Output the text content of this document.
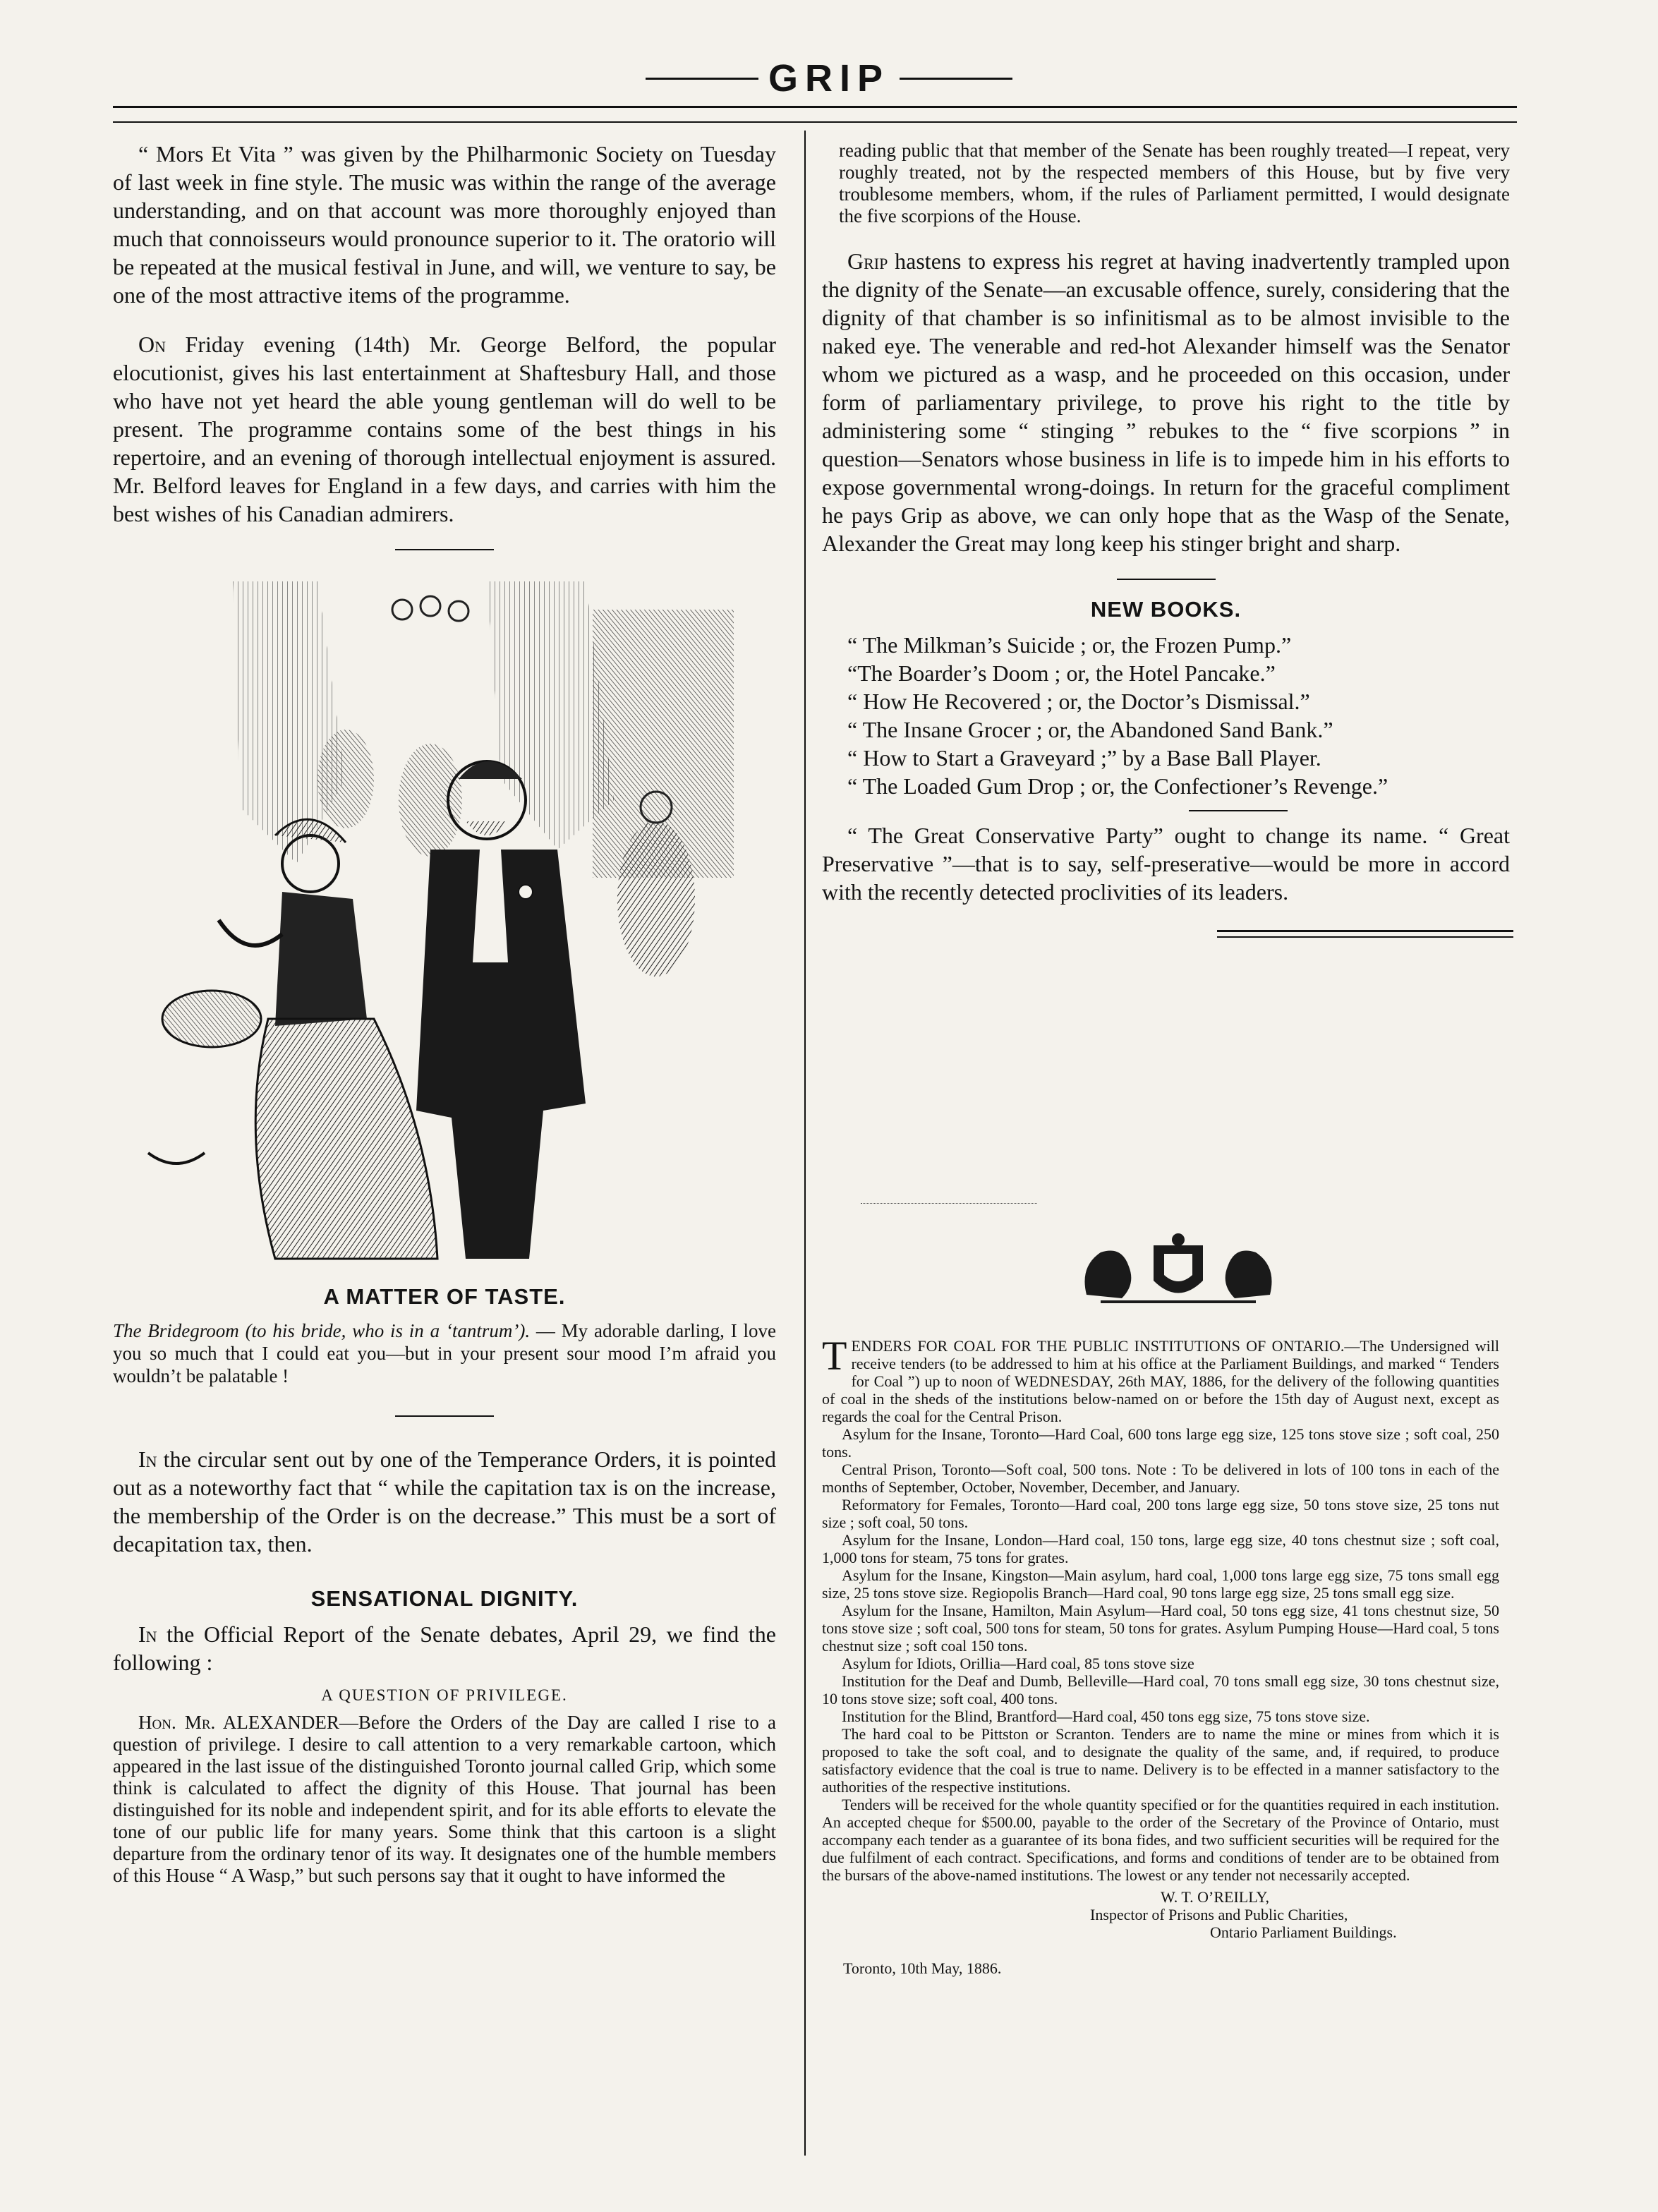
GRIP

“ Mors Et Vita ” was given by the Philharmonic Society on Tuesday of last week in fine style. The music was within the range of the average understanding, and on that account was more thoroughly enjoyed than much that connoisseurs would pronounce superior to it. The oratorio will be repeated at the musical festival in June, and will, we venture to say, be one of the most attractive items of the programme.

On Friday evening (14th) Mr. George Belford, the popular elocutionist, gives his last entertainment at Shaftesbury Hall, and those who have not yet heard the able young gentleman will do well to be present. The programme contains some of the best things in his repertoire, and an evening of thorough intellectual enjoyment is assured. Mr. Belford leaves for England in a few days, and carries with him the best wishes of his Canadian admirers.

A MATTER OF TASTE.

The Bridegroom (to his bride, who is in a ‘tantrum’). — My adorable darling, I love you so much that I could eat you—but in your present sour mood I’m afraid you wouldn’t be palatable !

In the circular sent out by one of the Temperance Orders, it is pointed out as a noteworthy fact that “ while the capitation tax is on the increase, the membership of the Order is on the decrease.” This must be a sort of decapitation tax, then.

SENSATIONAL DIGNITY.

In the Official Report of the Senate debates, April 29, we find the following :

A QUESTION OF PRIVILEGE.

Hon. Mr. ALEXANDER—Before the Orders of the Day are called I rise to a question of privilege. I desire to call attention to a very remarkable cartoon, which appeared in the last issue of the distinguished Toronto journal called Grip, which some think is calculated to affect the dignity of this House. That journal has been distinguished for its noble and independent spirit, and for its able efforts to elevate the tone of our public life for many years. Some think that this cartoon is a slight departure from the ordinary tenor of its way. It designates one of the humble members of this House “ A Wasp,” but such persons say that it ought to have informed the

reading public that that member of the Senate has been roughly treated—I repeat, very roughly treated, not by the respected members of this House, but by five very troublesome members, whom, if the rules of Parliament permitted, I would designate the five scorpions of the House.

Grip hastens to express his regret at having inadvertently trampled upon the dignity of the Senate—an excusable offence, surely, considering that the dignity of that chamber is so infinitismal as to be almost invisible to the naked eye. The venerable and red-hot Alexander himself was the Senator whom we pictured as a wasp, and he proceeded on this occasion, under form of parliamentary privilege, to prove his right to the title by administering some “ stinging ” rebukes to the “ five scorpions ” in question—Senators whose business in life is to impede him in his efforts to expose governmental wrong-doings. In return for the graceful compliment he pays Grip as above, we can only hope that as the Wasp of the Senate, Alexander the Great may long keep his stinger bright and sharp.

NEW BOOKS.

“ The Milkman’s Suicide ; or, the Frozen Pump.”

“The Boarder’s Doom ; or, the Hotel Pancake.”

“ How He Recovered ; or, the Doctor’s Dismissal.”

“ The Insane Grocer ; or, the Abandoned Sand Bank.”

“ How to Start a Graveyard ;” by a Base Ball Player.

“ The Loaded Gum Drop ; or, the Confectioner’s Revenge.”

“ The Great Conservative Party” ought to change its name. “ Great Preservative ”—that is to say, self-preserative—would be more in accord with the recently detected proclivities of its leaders.

TENDERS FOR COAL FOR THE PUBLIC INSTITUTIONS OF ONTARIO.—The Undersigned will receive tenders (to be addressed to him at his office at the Parliament Buildings, and marked “ Tenders for Coal ”) up to noon of WEDNESDAY, 26th MAY, 1886, for the delivery of the following quantities of coal in the sheds of the institutions below-named on or before the 15th day of August next, except as regards the coal for the Central Prison.

Asylum for the Insane, Toronto—Hard Coal, 600 tons large egg size, 125 tons stove size ; soft coal, 250 tons.

Central Prison, Toronto—Soft coal, 500 tons. Note : To be delivered in lots of 100 tons in each of the months of September, October, November, December, and January.

Reformatory for Females, Toronto—Hard coal, 200 tons large egg size, 50 tons stove size, 25 tons nut size ; soft coal, 50 tons.

Asylum for the Insane, London—Hard coal, 150 tons, large egg size, 40 tons chestnut size ; soft coal, 1,000 tons for steam, 75 tons for grates.

Asylum for the Insane, Kingston—Main asylum, hard coal, 1,000 tons large egg size, 75 tons small egg size, 25 tons stove size. Regiopolis Branch—Hard coal, 90 tons large egg size, 25 tons small egg size.

Asylum for the Insane, Hamilton, Main Asylum—Hard coal, 50 tons egg size, 41 tons chestnut size, 50 tons stove size ; soft coal, 500 tons for steam, 50 tons for grates. Asylum Pumping House—Hard coal, 5 tons chestnut size ; soft coal 150 tons.

Asylum for Idiots, Orillia—Hard coal, 85 tons stove size

Institution for the Deaf and Dumb, Belleville—Hard coal, 70 tons small egg size, 30 tons chestnut size, 10 tons stove size; soft coal, 400 tons.

Institution for the Blind, Brantford—Hard coal, 450 tons egg size, 75 tons stove size.

The hard coal to be Pittston or Scranton. Tenders are to name the mine or mines from which it is proposed to take the soft coal, and to designate the quality of the same, and, if required, to produce satisfactory evidence that the coal is true to name. Delivery is to be effected in a manner satisfactory to the authorities of the respective institutions.

Tenders will be received for the whole quantity specified or for the quantities required in each institution. An accepted cheque for $500.00, payable to the order of the Secretary of the Province of Ontario, must accompany each tender as a guarantee of its bona fides, and two sufficient securities will be required for the due fulfilment of each contract. Specifications, and forms and conditions of tender are to be obtained from the bursars of the above-named institutions. The lowest or any tender not necessarily accepted.

W. T. O’REILLY,
Inspector of Prisons and Public Charities,
Ontario Parliament Buildings.
Toronto, 10th May, 1886.
